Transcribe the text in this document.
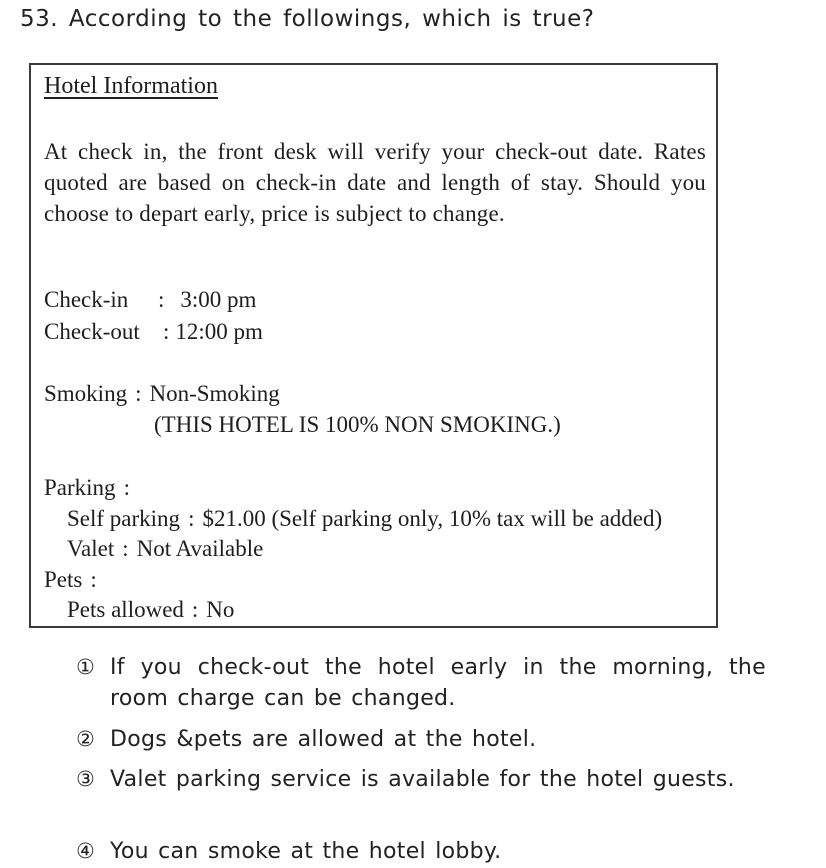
53. According to the followings, which is true?
Hotel Information
At check in, the front desk will verify your check-out date. Rates quoted are based on check-in date and length of stay. Should you choose to depart early, price is subject to change.
Check-in : 3:00 pm
Check-out : 12:00 pm
Smoking : Non-Smoking
(THIS HOTEL IS 100% NON SMOKING.)
Parking :
Self parking : $21.00 (Self parking only, 10% tax will be added)
Valet : Not Available
Pets :
Pets allowed : No
① If you check-out the hotel early in the morning, the room charge can be changed.
② Dogs &pets are allowed at the hotel.
③ Valet parking service is available for the hotel guests.
④ You can smoke at the hotel lobby.
